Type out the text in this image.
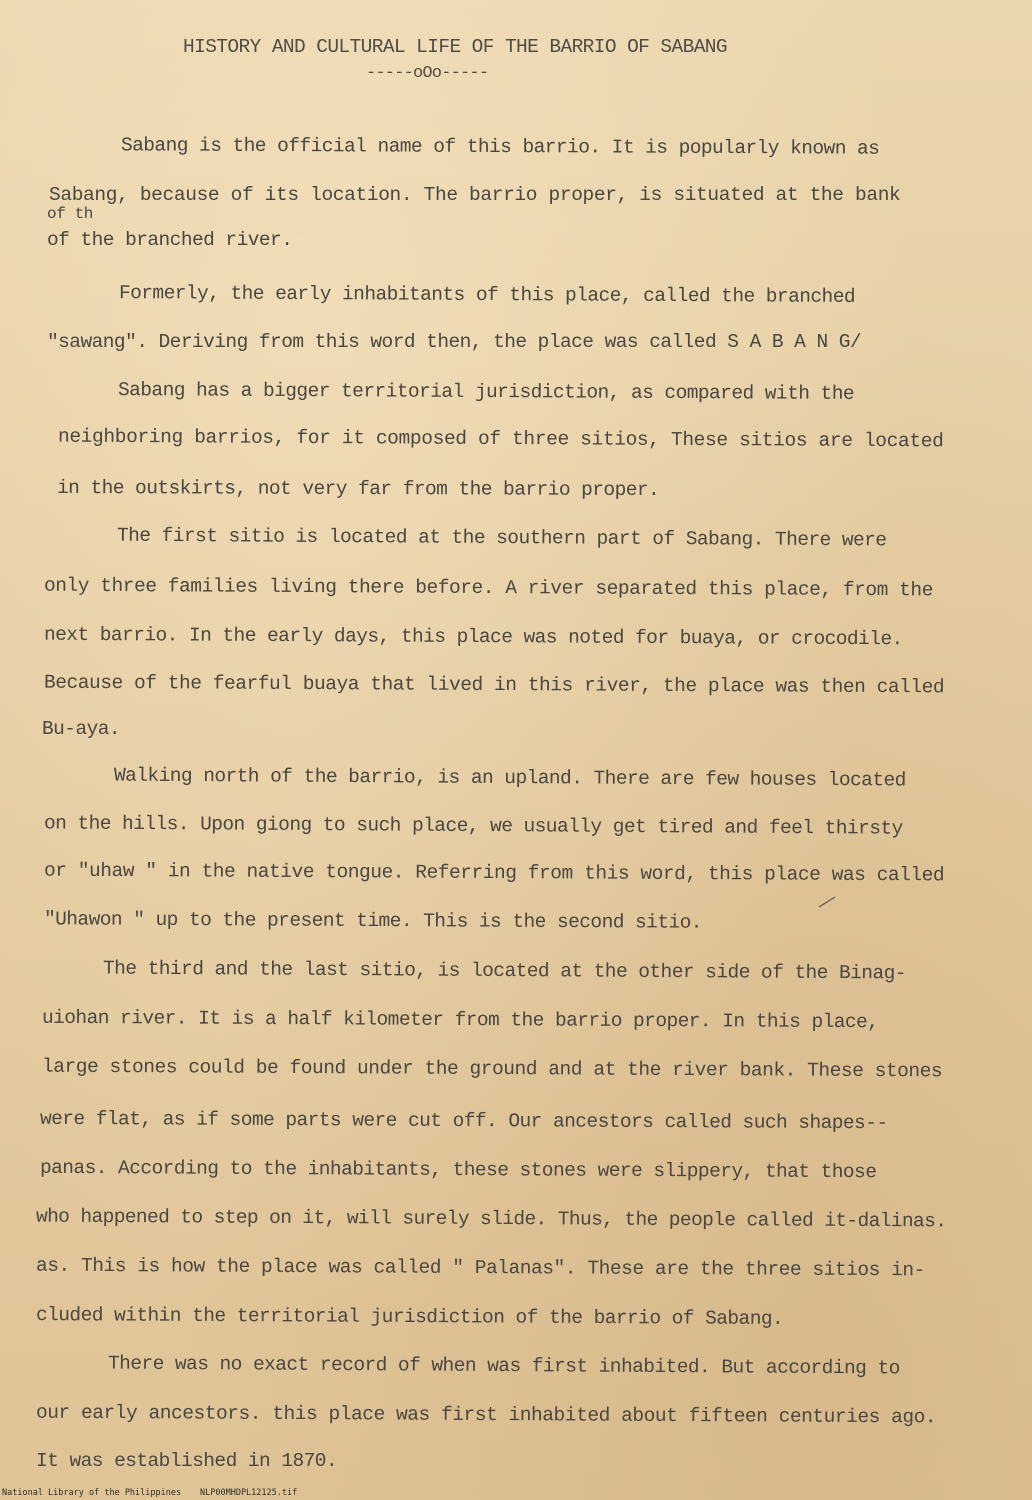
HISTORY AND CULTURAL LIFE OF THE BARRIO OF SABANG
-----oOo-----
Sabang is the official name of this barrio. It is popularly known as
Sabang, because of its location. The barrio proper, is situated at the bank
of th
of the branched river.
Formerly, the early inhabitants of this place, called the branched
"sawang". Deriving from this word then, the place was called S A B A N G/
Sabang has a bigger territorial jurisdiction, as compared with the
neighboring barrios, for it composed of three sitios, These sitios are located
in the outskirts, not very far from the barrio proper.
The first sitio is located at the southern part of Sabang. There were
only three families living there before. A river separated this place, from the
next barrio. In the early days, this place was noted for buaya, or crocodile.
Because of the fearful buaya that lived in this river, the place was then called
Bu-aya.
Walking north of the barrio, is an upland. There are few houses located
on the hills. Upon giong to such place, we usually get tired and feel thirsty
or "uhaw " in the native tongue. Referring from this word, this place was called
"Uhawon " up to the present time. This is the second sitio.
The third and the last sitio, is located at the other side of the Binag-
uiohan river. It is a half kilometer from the barrio proper. In this place,
large stones could be found under the ground and at the river bank. These stones
were flat, as if some parts were cut off. Our ancestors called such shapes--
panas. According to the inhabitants, these stones were slippery, that those
who happened to step on it, will surely slide. Thus, the people called it-dalinas.
as. This is how the place was called " Palanas". These are the three sitios in-
cluded within the territorial jurisdiction of the barrio of Sabang.
There was no exact record of when was first inhabited. But according to
our early ancestors. this place was first inhabited about fifteen centuries ago.
It was established in 1870.
National Library of the Philippines NLP00MHDPL12125.tif
